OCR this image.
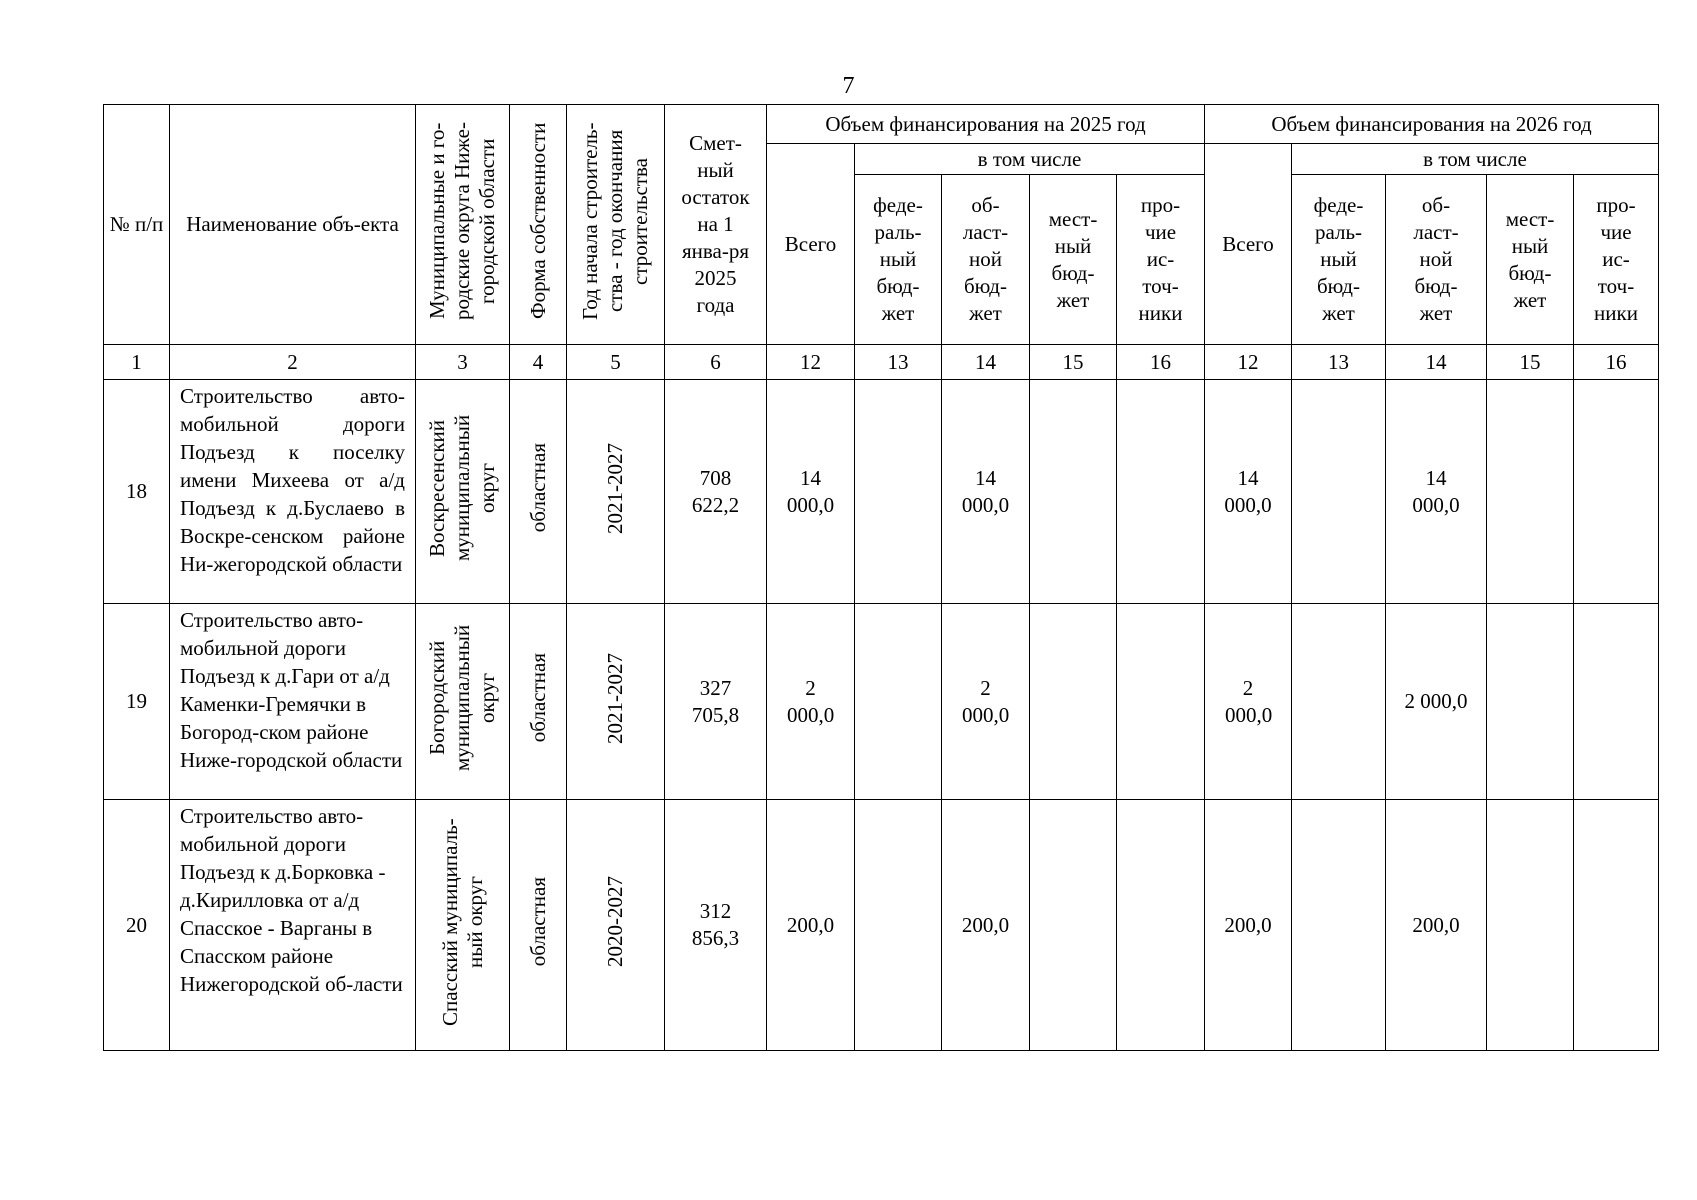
7
№ п/п	Наименование объ-екта	Муниципальные и го-родские округа Ниже-городской области	Форма собственности	Год начала строитель-ства - год окончания строительства	Смет-ный остаток на 1 янва-ря 2025 года	Объем финансирования на 2025 год					Объем финансирования на 2026 год				
						Всего	в том числе				Всего	в том числе			
							феде-раль-ный бюд-жет	об-ласт-ной бюд-жет	мест-ный бюд-жет	про-чие ис-точ-ники		феде-раль-ный бюд-жет	об-ласт-ной бюд-жет	мест-ный бюд-жет	про-чие ис-точ-ники
1	2	3	4	5	6	12	13	14	15	16	12	13	14	15	16
18	Строительство авто-мобильной дороги Подъезд к поселку имени Михеева от а/д Подъезд к д.Буслаево в Воскре-сенском районе Ни-жегородской области	Воскресенский муниципальный округ	областная	2021-2027	708 622,2	14 000,0		14 000,0			14 000,0		14 000,0		
19	Строительство авто-мобильной дороги Подъезд к д.Гари от а/д Каменки-Гремячки в Богород-ском районе Ниже-городской области	Богородский муниципальный округ	областная	2021-2027	327 705,8	2 000,0		2 000,0			2 000,0		2 000,0		
20	Строительство авто-мобильной дороги Подъезд к д.Борковка - д.Кирилловка от а/д Спасское - Варганы в Спасском районе Нижегородской об-ласти	Спасский муниципаль-ный округ	областная	2020-2027	312 856,3	200,0		200,0			200,0		200,0		
